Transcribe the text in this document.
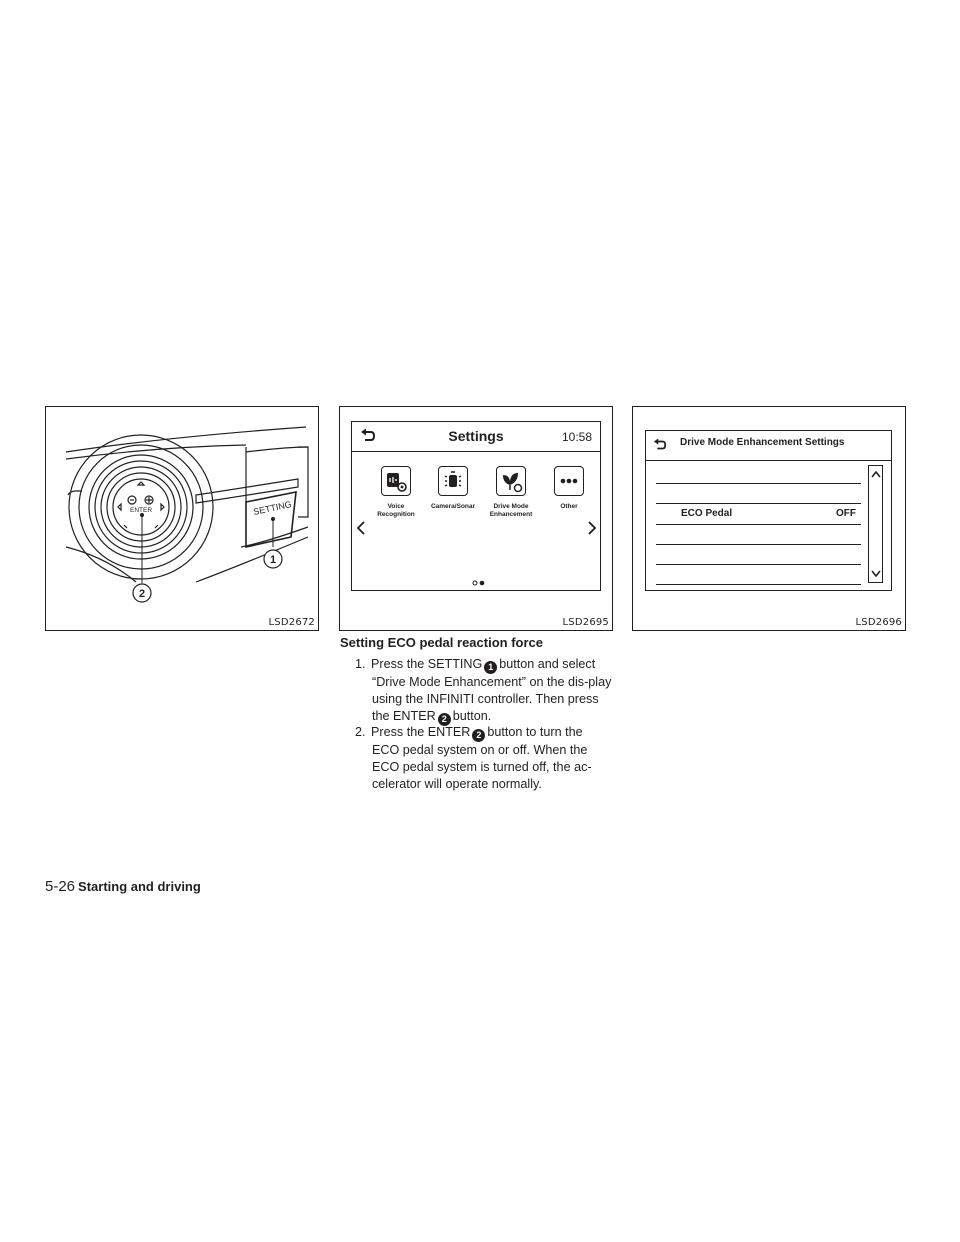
ENTER	SETTING
1
2
LSD2672
Settings	10:58
Voice
Recognition
Camera/Sonar	Drive Mode
Enhancement
Other
LSD2695
Drive Mode Enhancement Settings
ECO Pedal	OFF
LSD2696
Setting ECO pedal reaction force
1. Press the SETTING 1 button and select
“Drive Mode Enhancement” on the dis-play using the INFINITI controller. Then press the ENTER 2 button.
2. Press the ENTER 2 button to turn the
ECO pedal system on or off. When the ECO pedal system is turned off, the ac-celerator will operate normally.
5-26 Starting and driving
